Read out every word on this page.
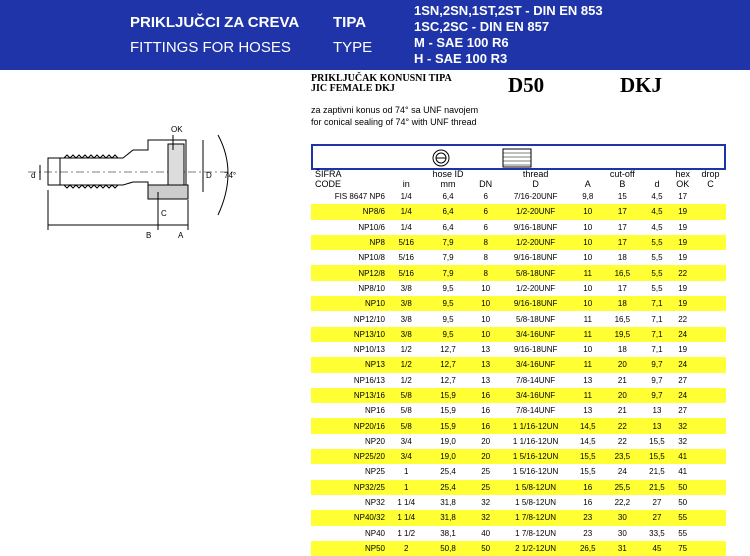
PRIKLJUČCI ZA CREVA
FITTINGS FOR HOSES
TIPA
TYPE
1SN,2SN,1ST,2ST - DIN EN 853
1SC,2SC - DIN EN 857
M - SAE 100 R6
H - SAE 100 R3
PRIKLJUČAK KONUSNI TIPA
JIC FEMALE DKJ	D50	DKJ
za zaptivni konus od 74° sa UNF navojem
for conical sealing of 74° with UNF thread
OK
d	D 74°
B	A
C
ŠIFRA		hose ID		thread		cut-off		hex	drop
CODE	in	mm	DN	D	A	B	d	OK	C
FIS 8647 NP6	1/4	6,4	6	7/16-20UNF	9,8	15	4,5	17	
NP8/6	1/4	6,4	6	1/2-20UNF	10	17	4,5	19	
NP10/6	1/4	6,4	6	9/16-18UNF	10	17	4,5	19	
NP8	5/16	7,9	8	1/2-20UNF	10	17	5,5	19	
NP10/8	5/16	7,9	8	9/16-18UNF	10	18	5,5	19	
NP12/8	5/16	7,9	8	5/8-18UNF	11	16,5	5,5	22	
NP8/10	3/8	9,5	10	1/2-20UNF	10	17	5,5	19	
NP10	3/8	9,5	10	9/16-18UNF	10	18	7,1	19	
NP12/10	3/8	9,5	10	5/8-18UNF	11	16,5	7,1	22	
NP13/10	3/8	9,5	10	3/4-16UNF	11	19,5	7,1	24	
NP10/13	1/2	12,7	13	9/16-18UNF	10	18	7,1	19	
NP13	1/2	12,7	13	3/4-16UNF	11	20	9,7	24	
NP16/13	1/2	12,7	13	7/8-14UNF	13	21	9,7	27	
NP13/16	5/8	15,9	16	3/4-16UNF	11	20	9,7	24	
NP16	5/8	15,9	16	7/8-14UNF	13	21	13	27	
NP20/16	5/8	15,9	16	1 1/16-12UN	14,5	22	13	32	
NP20	3/4	19,0	20	1 1/16-12UN	14,5	22	15,5	32	
NP25/20	3/4	19,0	20	1 5/16-12UN	15,5	23,5	15,5	41	
NP25	1	25,4	25	1 5/16-12UN	15,5	24	21,5	41	
NP32/25	1	25,4	25	1 5/8-12UN	16	25,5	21,5	50	
NP32	1 1/4	31,8	32	1 5/8-12UN	16	22,2	27	50	
NP40/32	1 1/4	31,8	32	1 7/8-12UN	23	30	27	55	
NP40	1 1/2	38,1	40	1 7/8-12UN	23	30	33,5	55	
NP50	2	50,8	50	2 1/2-12UN	26,5	31	45	75	
